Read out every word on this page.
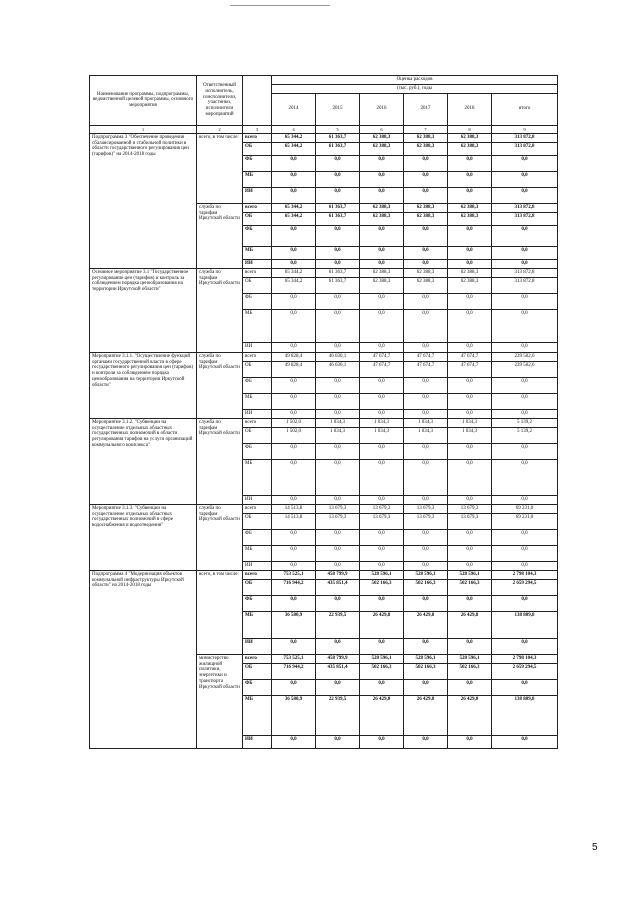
Наименование программы, подпрограммы, ведомственной целевой программы, основного мероприятия	Ответственный исполнитель, соисполнители, участники, исполнители мероприятий		Оценка расходов					
			(тыс. руб.), годы					
			2014	2015	2016	2017	2018	итого
1	2	3	4	5	6	7	8	9
Подпрограмма 3 "Обеспечение проведения сбалансированной и стабильной политики в области государственного регулирования цен (тарифов)" на 2014-2018 годы	всего, в том числе:	всего	65 344,2	61 363,7	62 388,3	62 388,3	62 388,3	313 872,8
		ОБ	65 344,2	61 363,7	62 388,3	62 388,3	62 388,3	313 872,8
		ФБ	0,0	0,0	0,0	0,0	0,0	0,0
		МБ	0,0	0,0	0,0	0,0	0,0	0,0
		ИИ	0,0	0,0	0,0	0,0	0,0	0,0
	служба по тарифам Иркутской области	всего	65 344,2	61 363,7	62 388,3	62 388,3	62 388,3	313 872,8
		ОБ	65 344,2	61 363,7	62 388,3	62 388,3	62 388,3	313 872,8
		ФБ	0,0	0,0	0,0	0,0	0,0	0,0
		МБ	0,0	0,0	0,0	0,0	0,0	0,0
		ИИ	0,0	0,0	0,0	0,0	0,0	0,0
Основное мероприятие 3.1 "Государственное регулирование цен (тарифов) и контроль за соблюдением порядка ценообразования на территории Иркутской области"	служба по тарифам Иркутской области	всего	65 344,2	61 363,7	62 388,3	62 388,3	62 388,3	313 872,8
		ОБ	65 344,2	61 363,7	62 388,3	62 388,3	62 388,3	313 872,8
		ФБ	0,0	0,0	0,0	0,0	0,0	0,0
		МБ	0,0	0,0	0,0	0,0	0,0	0,0
		ИИ	0,0	0,0	0,0	0,0	0,0	0,0
Мероприятие 3.1.1. "Осуществление функций органами государственной власти в сфере государственного регулирования цен (тарифов) и контроля за соблюдением порядка ценообразования на территории Иркутской области"	служба по тарифам Иркутской области	всего	49 828,4	46 630,1	47 674,7	47 674,7	47 674,7	239 502,6
		ОБ	49 828,4	46 630,1	47 674,7	47 674,7	47 674,7	239 502,6
		ФБ	0,0	0,0	0,0	0,0	0,0	0,0
		МБ	0,0	0,0	0,0	0,0	0,0	0,0
		ИИ	0,0	0,0	0,0	0,0	0,0	0,0
Мероприятие 3.1.2. "Субвенции на осуществление отдельных областных государственных полномочий в области регулирования тарифов на услуги организаций коммунального комплекса"	служба по тарифам Иркутской области	всего	1 502,0	1 034,3	1 034,3	1 034,3	1 034,3	5 139,2
		ОБ	1 502,0	1 034,3	1 034,3	1 034,3	1 034,3	5 139,2
		ФБ	0,0	0,0	0,0	0,0	0,0	0,0
		МБ	0,0	0,0	0,0	0,0	0,0	0,0
		ИИ	0,0	0,0	0,0	0,0	0,0	0,0
Мероприятие 3.1.3. "Субвенции на осуществление отдельных областных государственных полномочий в сфере водоснабжения и водоотведения"	служба по тарифам Иркутской области	всего	14 513,8	13 679,3	13 679,3	13 679,3	13 679,3	69 231,0
		ОБ	14 513,8	13 679,3	13 679,3	13 679,3	13 679,3	69 231,0
		ФБ	0,0	0,0	0,0	0,0	0,0	0,0
		МБ	0,0	0,0	0,0	0,0	0,0	0,0
		ИИ	0,0	0,0	0,0	0,0	0,0	0,0
Подпрограмма 4 "Модернизация объектов коммунальной инфраструктуры Иркутской области" на 2014-2018 годы	всего, в том числе:	всего	753 525,1	458 799,9	528 596,1	528 596,1	528 596,1	2 798 104,3
		ОБ	716 944,2	435 851,4	502 166,3	502 166,3	502 166,3	2 659 294,5
		ФБ	0,0	0,0	0,0	0,0	0,0	0,0
		МБ	36 580,9	22 939,5	26 429,8	26 429,8	26 429,8	138 809,8
		ИИ	0,0	0,0	0,0	0,0	0,0	0,0
	министерство жилищной политики, энергетики и транспорта Иркутской области	всего	753 525,1	458 799,9	528 596,1	528 596,1	528 596,1	2 798 104,3
		ОБ	716 944,2	435 851,4	502 166,3	502 166,3	502 166,3	2 659 294,5
		ФБ	0,0	0,0	0,0	0,0	0,0	0,0
		МБ	36 580,9	22 939,5	26 429,8	26 429,8	26 429,8	138 809,8
		ИИ	0,0	0,0	0,0	0,0	0,0	0,0
5
